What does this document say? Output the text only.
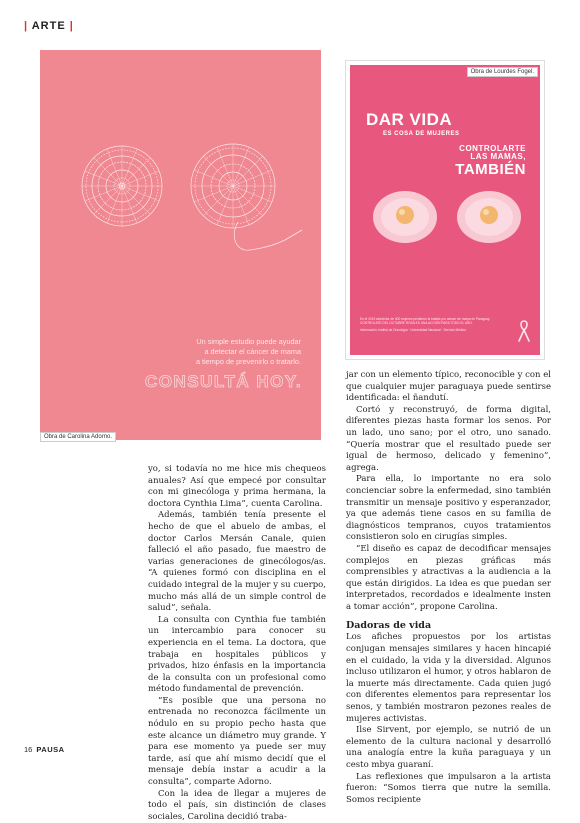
| ARTE |
Un simple estudio puede ayudar
a detectar el cáncer de mama
a tiempo de prevenirlo o tratarlo.
CONSULTÁ HOY.
Obra de Carolina Adorno.
DAR VIDA
ES COSA DE MUJERES
CONTROLARTE
LAS MAMAS,
TAMBIÉN
En el 2019 alrededor de 400 mujeres perdieron la batalla por cáncer de mama en Paraguay. CONTROLATE DEL OCTUBRE ROSA ES UNA ACCIÓN PARA TODO EL AÑO.
Información: Institut de Oncología · Universidad Nacional · Servicio Médico
Obra de Lourdes Fogel.

yo, si todavía no me hice mis chequeos anuales? Así que empecé por consultar con mi ginecóloga y prima hermana, la doctora Cynthia Lima”, cuenta Carolina.

Además, también tenía presente el hecho de que el abuelo de ambas, el doctor Carlos Mersán Canale, quien falleció el año pasado, fue maestro de varias generaciones de ginecólogos/as. “A quienes formó con disciplina en el cuidado integral de la mujer y su cuerpo, mucho más allá de un simple control de salud”, señala.

La consulta con Cynthia fue también un intercambio para conocer su experiencia en el tema. La doctora, que trabaja en hospitales públicos y privados, hizo énfasis en la importancia de la consulta con un profesional como método fundamental de prevención.

“Es posible que una persona no entrenada no reconozca fácilmente un nódulo en su propio pecho hasta que este alcance un diámetro muy grande. Y para ese momento ya puede ser muy tarde, así que ahí mismo decidí que el mensaje debía instar a acudir a la consulta”, comparte Adorno.

Con la idea de llegar a mujeres de todo el país, sin distinción de clases sociales, Carolina decidió traba-

jar con un elemento típico, reconocible y con el que cualquier mujer paraguaya puede sentirse identificada: el ñandutí.

Cortó y reconstruyó, de forma digital, diferentes piezas hasta formar los senos. Por un lado, uno sano; por el otro, uno sanado. “Quería mostrar que el resultado puede ser igual de hermoso, delicado y femenino”, agrega.

Para ella, lo importante no era solo concienciar sobre la enfermedad, sino también transmitir un mensaje positivo y esperanzador, ya que además tiene casos en su familia de diagnósticos tempranos, cuyos tratamientos consistieron solo en cirugías simples.

“El diseño es capaz de decodificar mensajes complejos en piezas gráficas más comprensibles y atractivas a la audiencia a la que están dirigidos. La idea es que puedan ser interpretados, recordados e idealmente insten a tomar acción”, propone Carolina.

Dadoras de vida

Los afiches propuestos por los artistas conjugan mensajes similares y hacen hincapié en el cuidado, la vida y la diversidad. Algunos incluso utilizaron el humor, y otros hablaron de la muerte más directamente. Cada quien jugó con diferentes elementos para representar los senos, y también mostraron pezones reales de mujeres activistas.

Ilse Sirvent, por ejemplo, se nutrió de un elemento de la cultura nacional y desarrolló una analogía entre la kuña paraguaya y un cesto mbya guaraní.

Las reflexiones que impulsaron a la artista fueron: “Somos tierra que nutre la semilla. Somos recipiente

16 PAUSA
